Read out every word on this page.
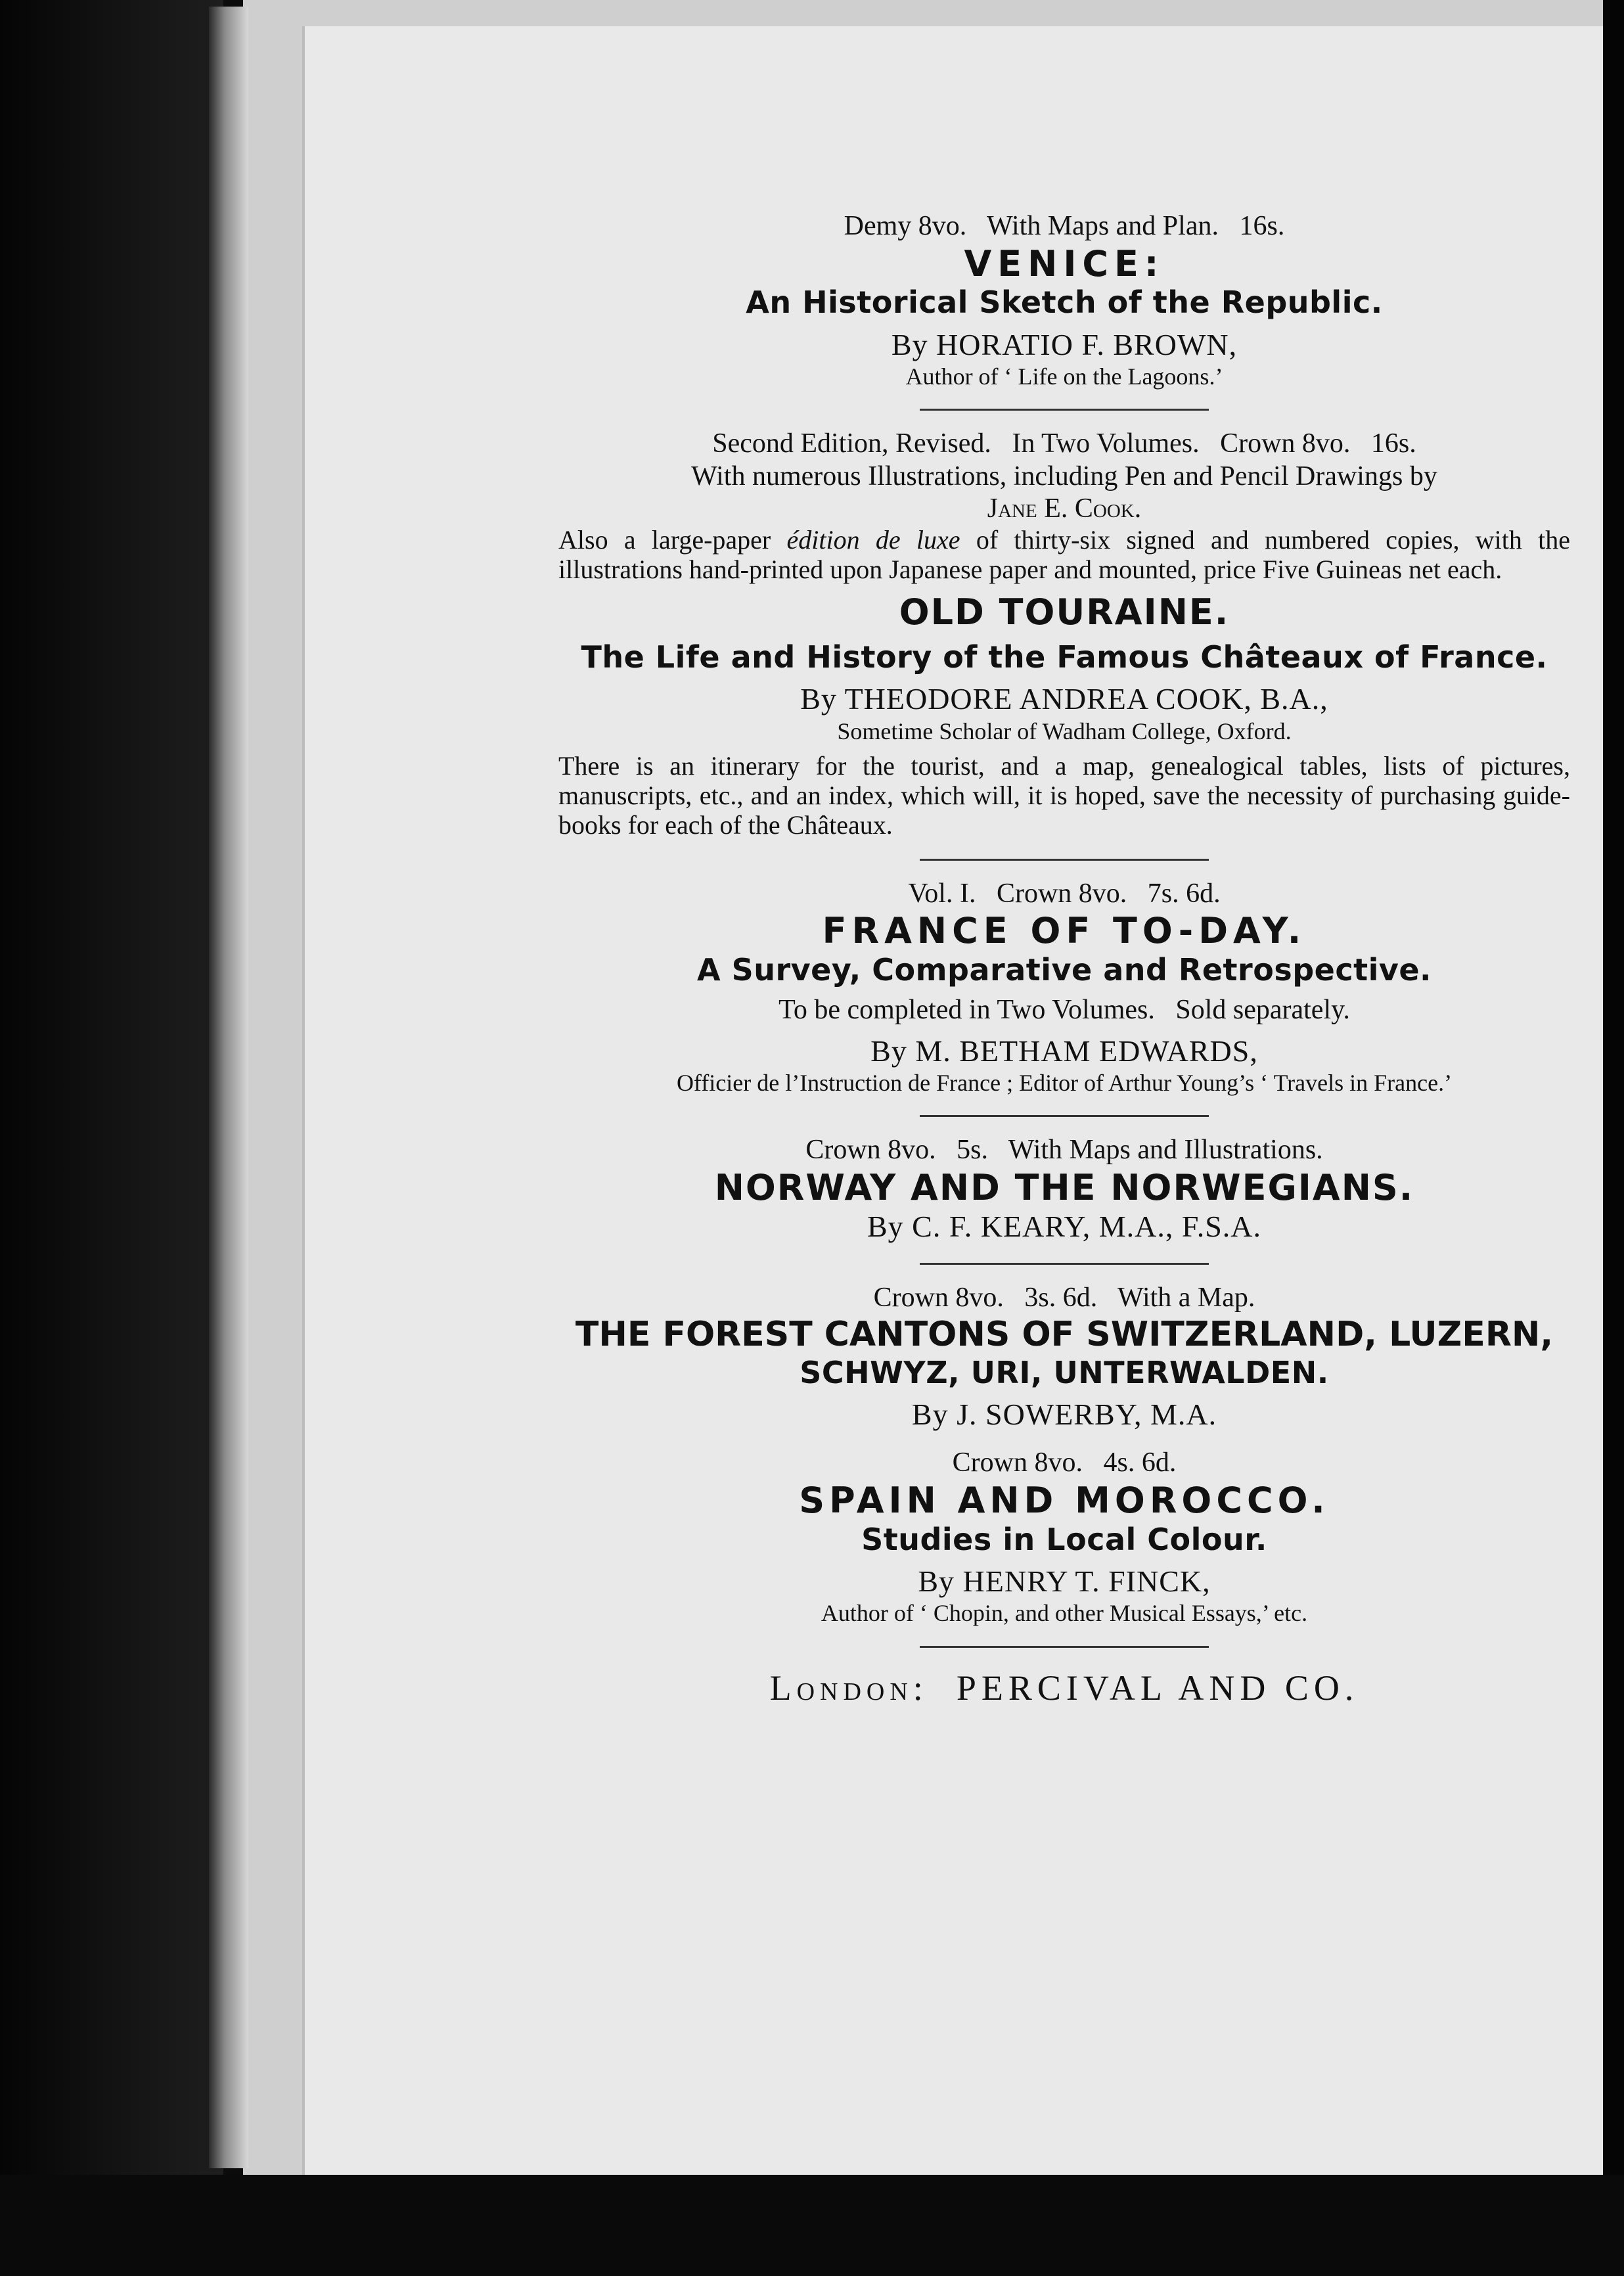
Demy 8vo.   With Maps and Plan.   16s.

VENICE:

An Historical Sketch of the Republic.

By HORATIO F. BROWN,

Author of ‘ Life on the Lagoons.’

Second Edition, Revised.   In Two Volumes.   Crown 8vo.   16s.

With numerous Illustrations, including Pen and Pencil Drawings by

Jane E. Cook.

Also a large-paper édition de luxe of thirty-six signed and numbered copies, with the illustrations hand-printed upon Japanese paper and mounted, price Five Guineas net each.

OLD TOURAINE.

The Life and History of the Famous Châteaux of France.

By THEODORE ANDREA COOK, B.A.,

Sometime Scholar of Wadham College, Oxford.

There is an itinerary for the tourist, and a map, genealogical tables, lists of pictures, manuscripts, etc., and an index, which will, it is hoped, save the necessity of purchasing guide-books for each of the Châteaux.

Vol. I.   Crown 8vo.   7s. 6d.

FRANCE OF TO-DAY.

A Survey, Comparative and Retrospective.

To be completed in Two Volumes.   Sold separately.

By M. BETHAM EDWARDS,

Officier de l’Instruction de France ; Editor of Arthur Young’s ‘ Travels in France.’

Crown 8vo.   5s.   With Maps and Illustrations.

NORWAY AND THE NORWEGIANS.

By C. F. KEARY, M.A., F.S.A.

Crown 8vo.   3s. 6d.   With a Map.

THE FOREST CANTONS OF SWITZERLAND, LUZERN,

SCHWYZ, URI, UNTERWALDEN.

By J. SOWERBY, M.A.

Crown 8vo.   4s. 6d.

SPAIN AND MOROCCO.

Studies in Local Colour.

By HENRY T. FINCK,

Author of ‘ Chopin, and other Musical Essays,’ etc.

London: PERCIVAL AND CO.
